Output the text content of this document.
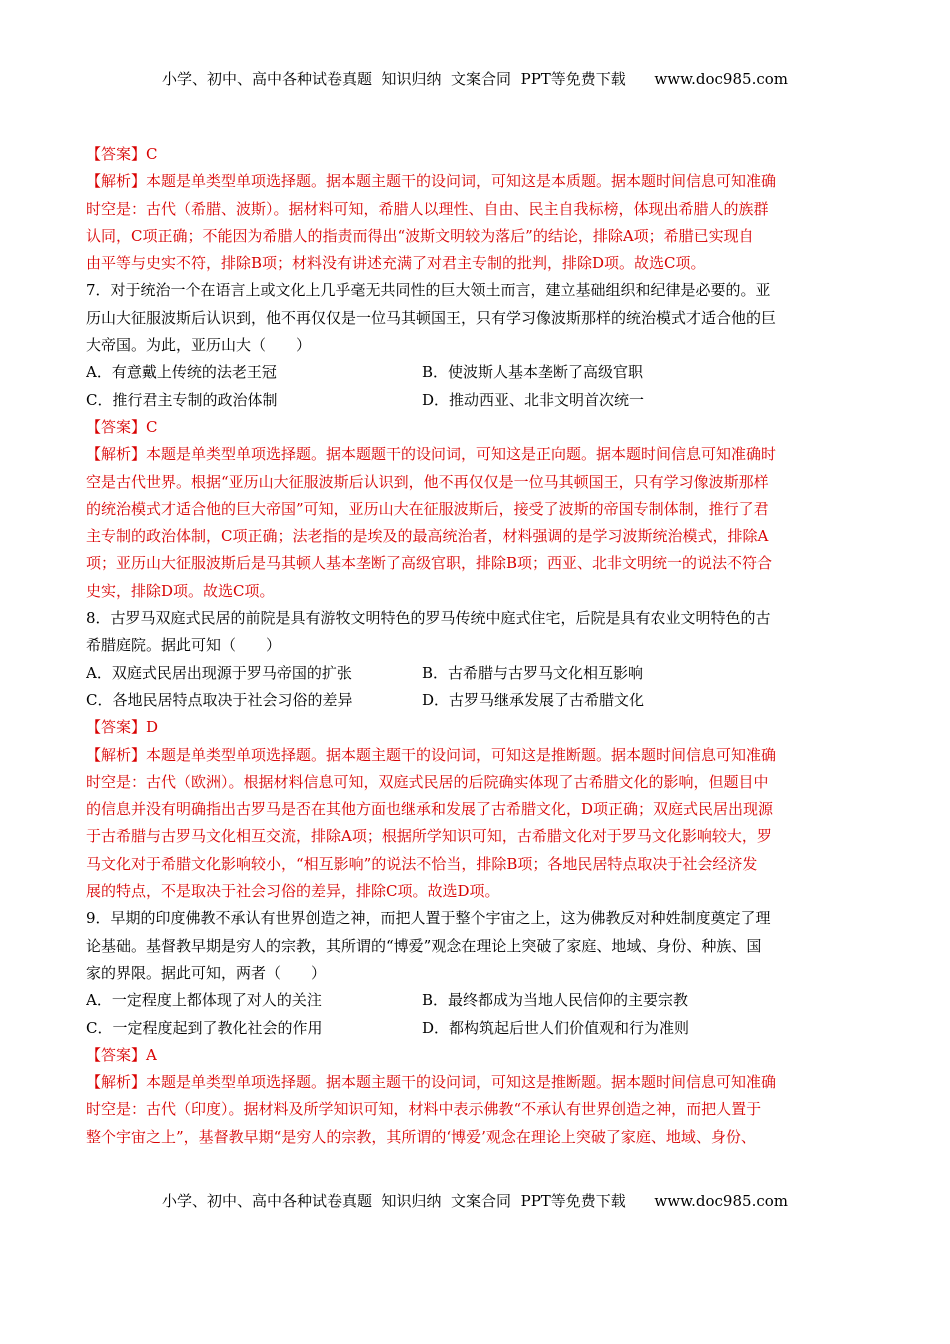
小学、初中、高中各种试卷真题  知识归纳  文案合同  PPT等免费下载      www.doc985.com
【答案】C
【解析】本题是单类型单项选择题。据本题主题干的设问词，可知这是本质题。据本题时间信息可知准确
时空是：古代（希腊、波斯）。据材料可知，希腊人以理性、自由、民主自我标榜，体现出希腊人的族群
认同，C项正确；不能因为希腊人的指责而得出“波斯文明较为落后”的结论，排除A项；希腊已实现自
由平等与史实不符，排除B项；材料没有讲述充满了对君主专制的批判，排除D项。故选C项。
7．对于统治一个在语言上或文化上几乎毫无共同性的巨大领土而言，建立基础组织和纪律是必要的。亚
历山大征服波斯后认识到，他不再仅仅是一位马其顿国王，只有学习像波斯那样的统治模式才适合他的巨
大帝国。为此，亚历山大（　　）
A．有意戴上传统的法老王冠	B．使波斯人基本垄断了高级官职
C．推行君主专制的政治体制	D．推动西亚、北非文明首次统一
【答案】C
【解析】本题是单类型单项选择题。据本题题干的设问词，可知这是正向题。据本题时间信息可知准确时
空是古代世界。根据“亚历山大征服波斯后认识到，他不再仅仅是一位马其顿国王，只有学习像波斯那样
的统治模式才适合他的巨大帝国”可知，亚历山大在征服波斯后，接受了波斯的帝国专制体制，推行了君
主专制的政治体制，C项正确；法老指的是埃及的最高统治者，材料强调的是学习波斯统治模式，排除A
项；亚历山大征服波斯后是马其顿人基本垄断了高级官职，排除B项；西亚、北非文明统一的说法不符合
史实，排除D项。故选C项。
8．古罗马双庭式民居的前院是具有游牧文明特色的罗马传统中庭式住宅，后院是具有农业文明特色的古
希腊庭院。据此可知（　　）
A．双庭式民居出现源于罗马帝国的扩张	B．古希腊与古罗马文化相互影响
C．各地民居特点取决于社会习俗的差异	D．古罗马继承发展了古希腊文化
【答案】D
【解析】本题是单类型单项选择题。据本题主题干的设问词，可知这是推断题。据本题时间信息可知准确
时空是：古代（欧洲）。根据材料信息可知，双庭式民居的后院确实体现了古希腊文化的影响，但题目中
的信息并没有明确指出古罗马是否在其他方面也继承和发展了古希腊文化，D项正确；双庭式民居出现源
于古希腊与古罗马文化相互交流，排除A项；根据所学知识可知，古希腊文化对于罗马文化影响较大，罗
马文化对于希腊文化影响较小，“相互影响”的说法不恰当，排除B项；各地民居特点取决于社会经济发
展的特点，不是取决于社会习俗的差异，排除C项。故选D项。
9．早期的印度佛教不承认有世界创造之神，而把人置于整个宇宙之上，这为佛教反对种姓制度奠定了理
论基础。基督教早期是穷人的宗教，其所谓的“博爱”观念在理论上突破了家庭、地域、身份、种族、国
家的界限。据此可知，两者（　　）
A．一定程度上都体现了对人的关注	B．最终都成为当地人民信仰的主要宗教
C．一定程度起到了教化社会的作用	D．都构筑起后世人们价值观和行为准则
【答案】A
【解析】本题是单类型单项选择题。据本题主题干的设问词，可知这是推断题。据本题时间信息可知准确
时空是：古代（印度）。据材料及所学知识可知，材料中表示佛教“不承认有世界创造之神，而把人置于
整个宇宙之上”，基督教早期“是穷人的宗教，其所谓的‘博爱’观念在理论上突破了家庭、地域、身份、
小学、初中、高中各种试卷真题  知识归纳  文案合同  PPT等免费下载      www.doc985.com
